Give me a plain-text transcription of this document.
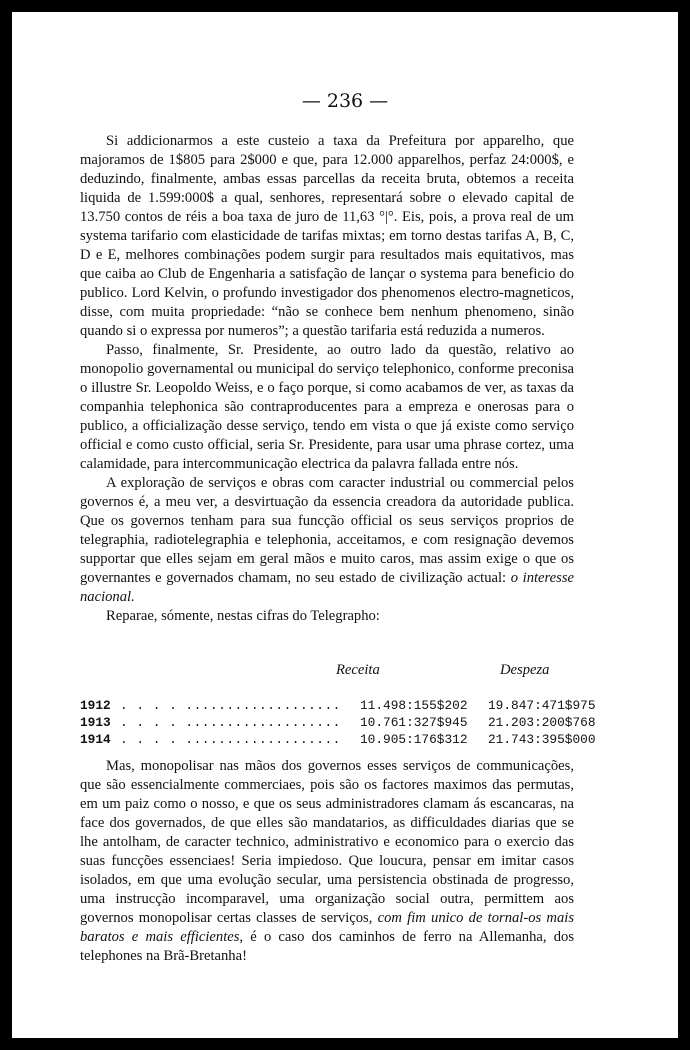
— 236 —

Si addicionarmos a este custeio a taxa da Prefeitura por apparelho, que majoramos de 1$805 para 2$000 e que, para 12.000 apparelhos, perfaz 24:000$, e deduzindo, finalmente, ambas essas parcellas da receita bruta, obtemos a receita liquida de 1.599:000$ a qual, senhores, representará sobre o elevado capital de 13.750 contos de réis a boa taxa de juro de 11,63 °|°. Eis, pois, a prova real de um systema tarifario com elasticidade de tarifas mixtas; em torno destas tarifas A, B, C, D e E, melhores combinações podem surgir para resultados mais equitativos, mas que caiba ao Club de Engenharia a satisfação de lançar o systema para beneficio do publico. Lord Kelvin, o profundo investigador dos phenomenos electro-magneticos, disse, com muita propriedade: “não se conhece bem nenhum phenomeno, sinão quando si o expressa por numeros”; a questão tarifaria está reduzida a numeros.

Passo, finalmente, Sr. Presidente, ao outro lado da questão, relativo ao monopolio governamental ou municipal do serviço telephonico, conforme preconisa o illustre Sr. Leopoldo Weiss, e o faço porque, si como acabamos de ver, as taxas da companhia telephonica são contraproducentes para a empreza e onerosas para o publico, a officialização desse serviço, tendo em vista o que já existe como serviço official e como custo official, seria Sr. Presidente, para usar uma phrase cortez, uma calamidade, para intercommunicação electrica da palavra fallada entre nós.

A exploração de serviços e obras com caracter industrial ou commercial pelos governos é, a meu ver, a desvirtuação da essencia creadora da autoridade publica. Que os governos tenham para sua funcção official os seus serviços proprios de telegraphia, radiotelegraphia e telephonia, acceitamos, e com resignação devemos supportar que elles sejam em geral mãos e muito caros, mas assim exige o que os governantes e governados chamam, no seu estado de civilização actual: o interesse nacional.

Reparae, sómente, nestas cifras do Telegrapho:

Receita	Despeza
1912 . . . . ................... 11.498:155$202 19.847:471$975
1913 . . . . ................... 10.761:327$945 21.203:200$768
1914 . . . . ................... 10.905:176$312 21.743:395$000

Mas, monopolisar nas mãos dos governos esses serviços de communicações, que são essencialmente commerciaes, pois são os factores maximos das permutas, em um paiz como o nosso, e que os seus administradores clamam ás escancaras, na face dos governados, de que elles são mandatarios, as difficuldades diarias que se lhe antolham, de caracter technico, administrativo e economico para o exercio das suas funcções essenciaes! Seria impiedoso. Que loucura, pensar em imitar casos isolados, em que uma evolução secular, uma persistencia obstinada de progresso, uma instrucção incomparavel, uma organização social outra, permittem aos governos monopolisar certas classes de serviços, com fim unico de tornal-os mais baratos e mais efficientes, é o caso dos caminhos de ferro na Allemanha, dos telephones na Brã-Bretanha!
